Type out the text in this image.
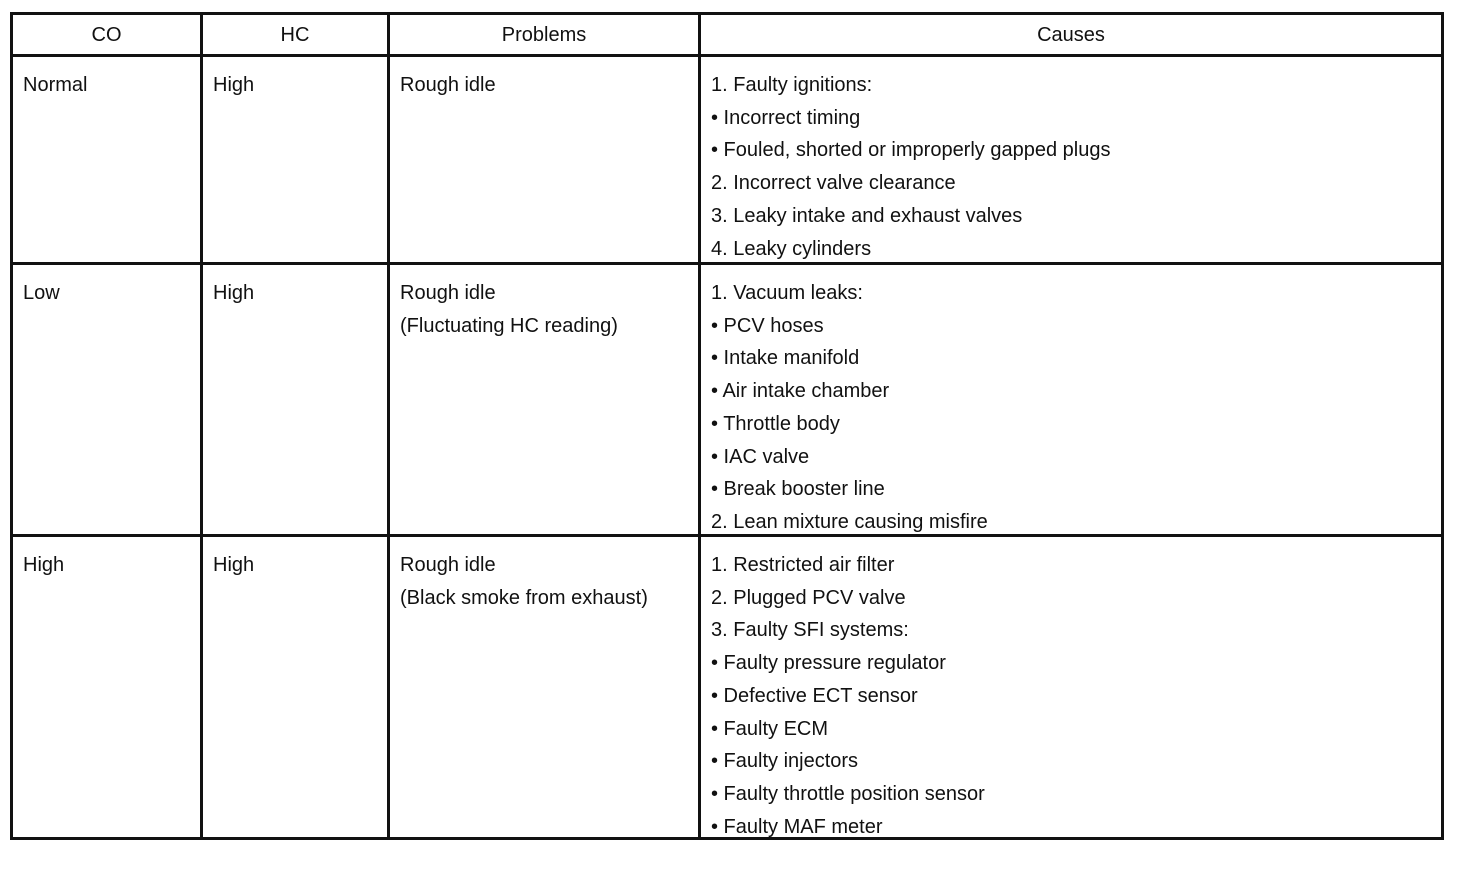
CO	HC	Problems	Causes
Normal	High	Rough idle	1. Faulty ignitions:
• Incorrect timing
• Fouled, shorted or improperly gapped plugs
2. Incorrect valve clearance
3. Leaky intake and exhaust valves
4. Leaky cylinders
Low	High	Rough idle
(Fluctuating HC reading)
1. Vacuum leaks:
• PCV hoses
• Intake manifold
• Air intake chamber
• Throttle body
• IAC valve
• Break booster line
2. Lean mixture causing misfire
High	High	Rough idle
(Black smoke from exhaust)
1. Restricted air filter
2. Plugged PCV valve
3. Faulty SFI systems:
• Faulty pressure regulator
• Defective ECT sensor
• Faulty ECM
• Faulty injectors
• Faulty throttle position sensor
• Faulty MAF meter
